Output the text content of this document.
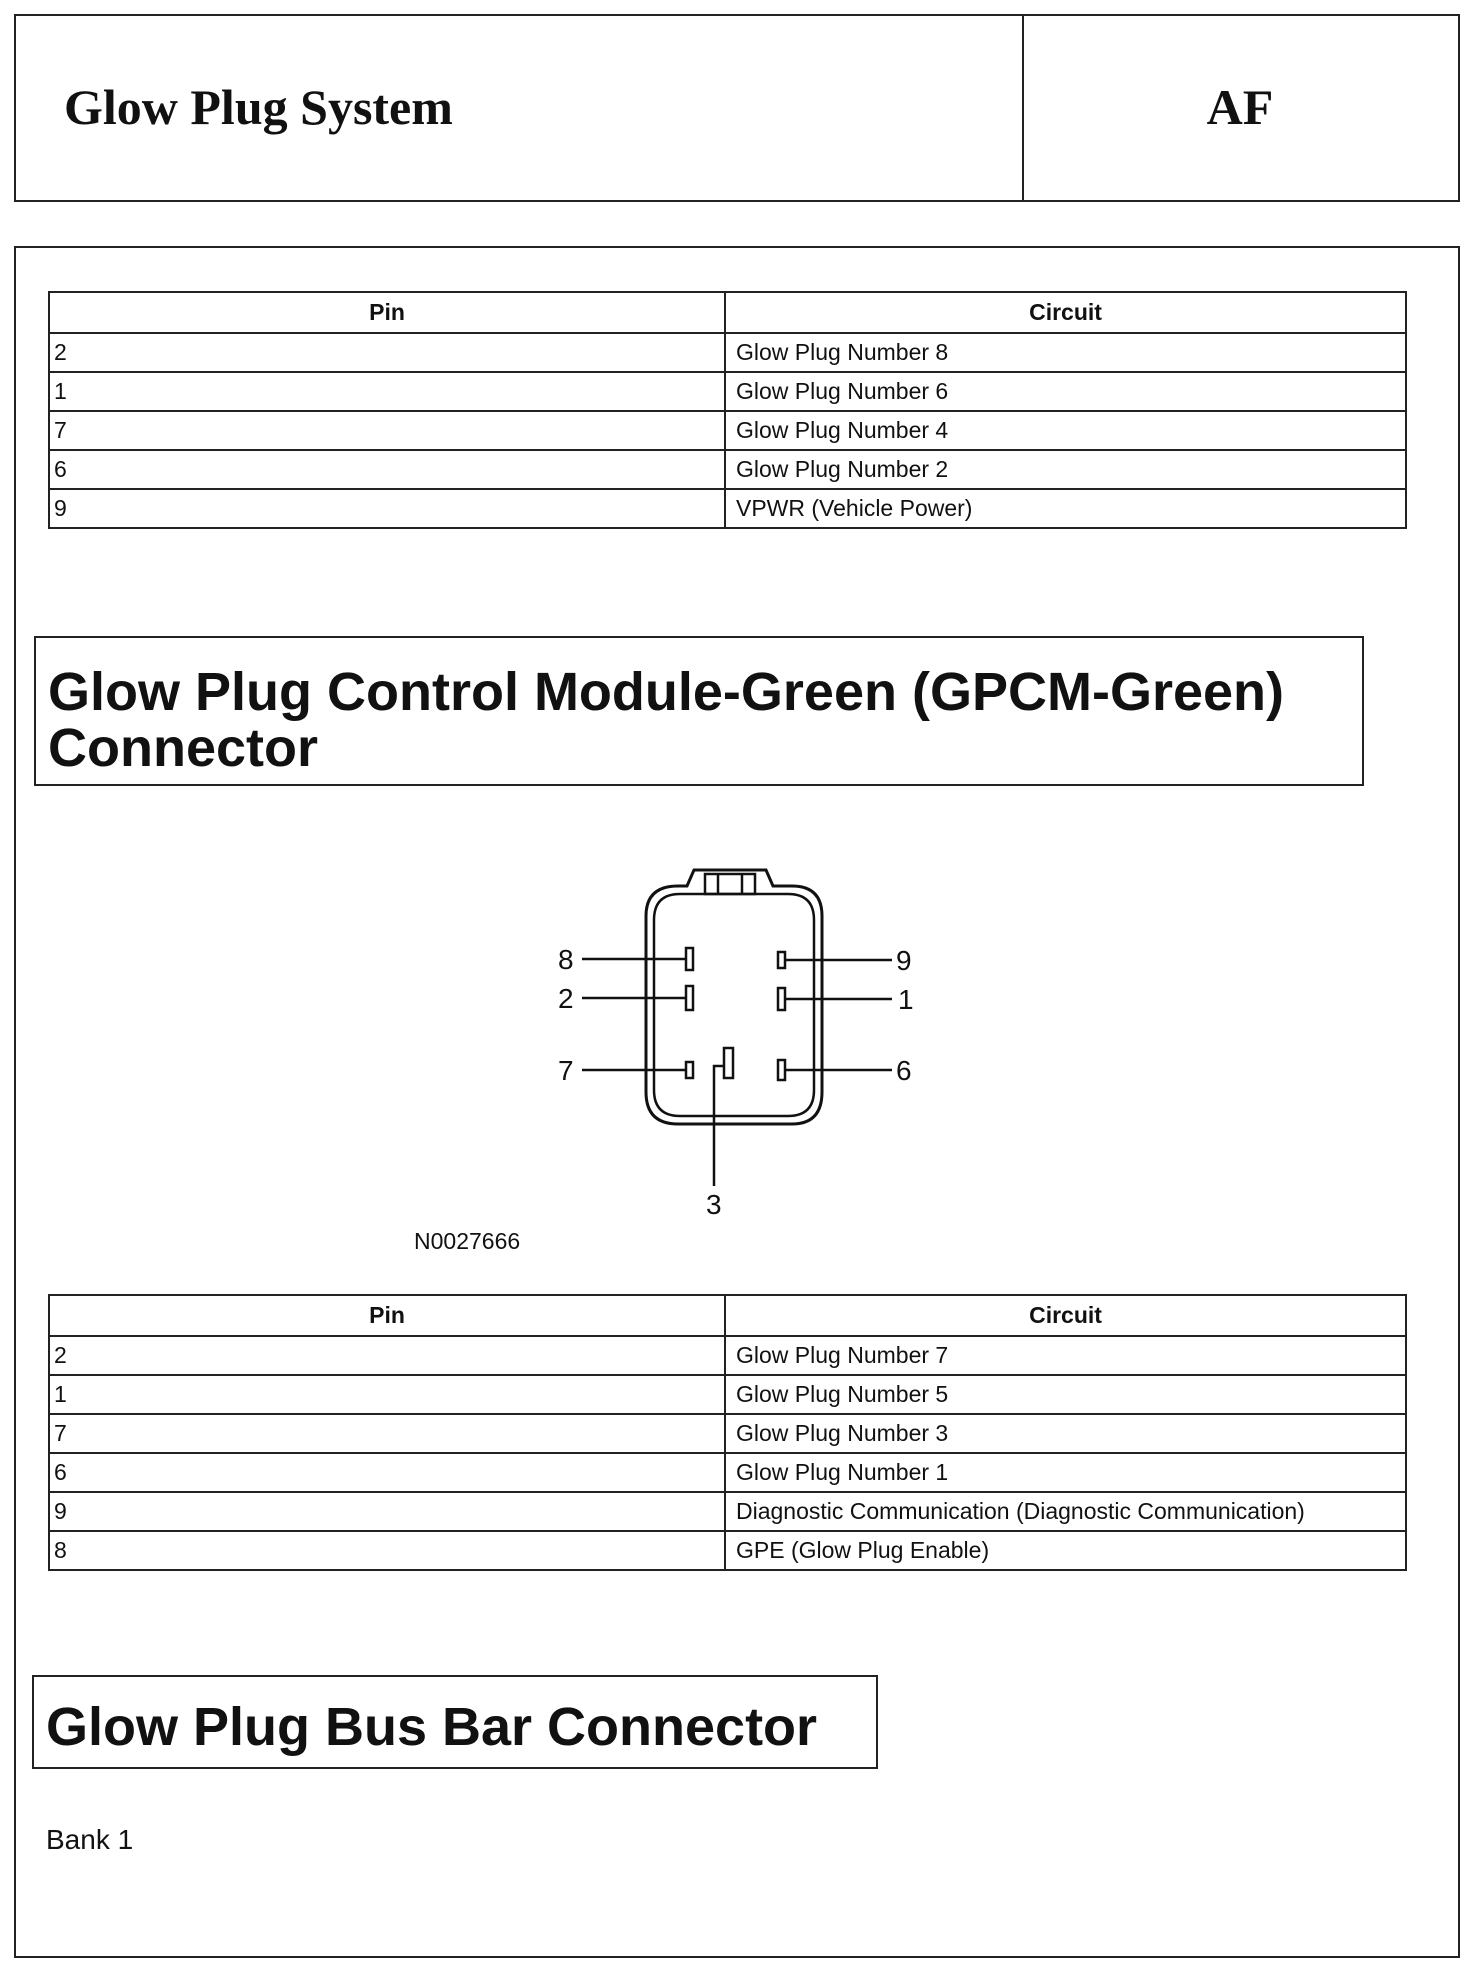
Glow Plug System	AF
Pin	Circuit
2	Glow Plug Number 8
1	Glow Plug Number 6
7	Glow Plug Number 4
6	Glow Plug Number 2
9	VPWR (Vehicle Power)
Glow Plug Control Module-Green (GPCM-Green)
Connector
8
2
7
9
1
6
3
N0027666
Pin	Circuit
2	Glow Plug Number 7
1	Glow Plug Number 5
7	Glow Plug Number 3
6	Glow Plug Number 1
9	Diagnostic Communication (Diagnostic Communication)
8	GPE (Glow Plug Enable)
Glow Plug Bus Bar Connector
Bank 1
